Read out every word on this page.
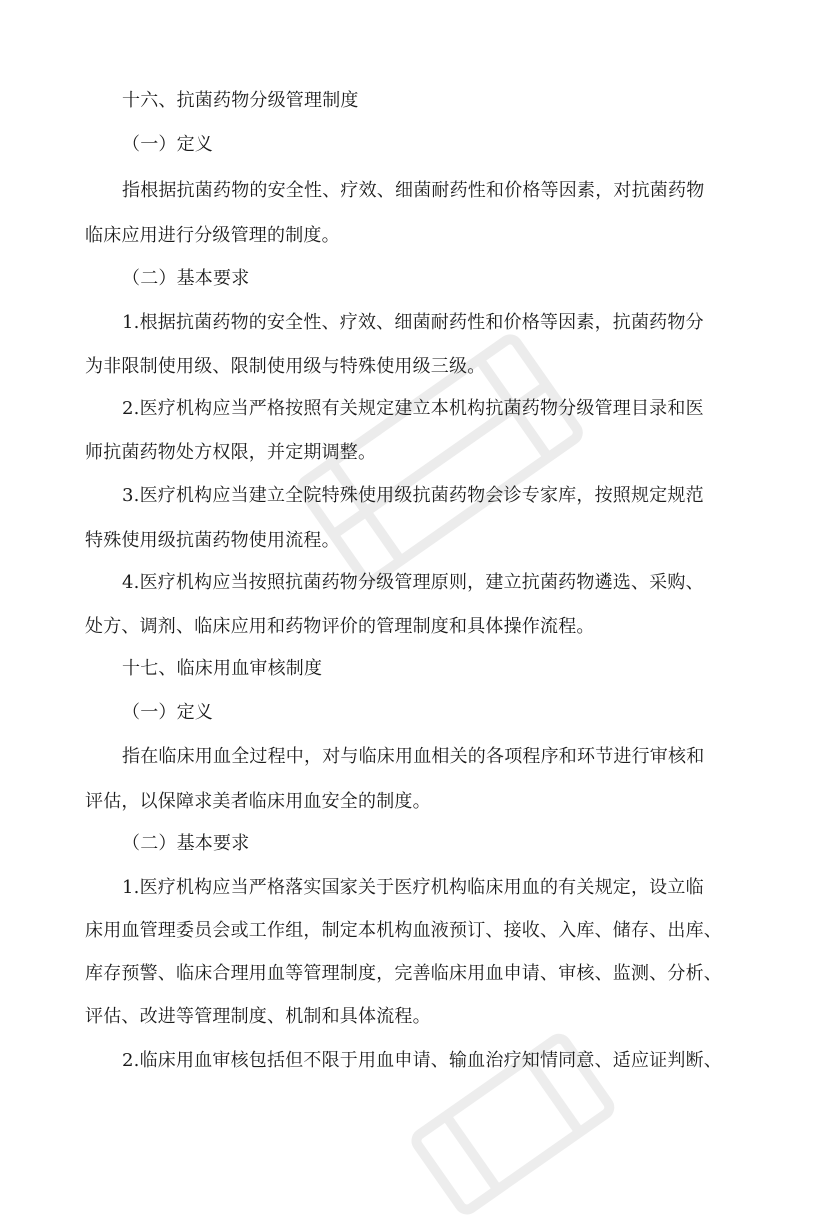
十六、抗菌药物分级管理制度
（一）定义
指根据抗菌药物的安全性、疗效、细菌耐药性和价格等因素，对抗菌药物
临床应用进行分级管理的制度。
（二）基本要求
1.根据抗菌药物的安全性、疗效、细菌耐药性和价格等因素，抗菌药物分
为非限制使用级、限制使用级与特殊使用级三级。
2.医疗机构应当严格按照有关规定建立本机构抗菌药物分级管理目录和医
师抗菌药物处方权限，并定期调整。
3.医疗机构应当建立全院特殊使用级抗菌药物会诊专家库，按照规定规范
特殊使用级抗菌药物使用流程。
4.医疗机构应当按照抗菌药物分级管理原则，建立抗菌药物遴选、采购、
处方、调剂、临床应用和药物评价的管理制度和具体操作流程。
十七、临床用血审核制度
（一）定义
指在临床用血全过程中，对与临床用血相关的各项程序和环节进行审核和
评估，以保障求美者临床用血安全的制度。
（二）基本要求
1.医疗机构应当严格落实国家关于医疗机构临床用血的有关规定，设立临
床用血管理委员会或工作组，制定本机构血液预订、接收、入库、储存、出库、
库存预警、临床合理用血等管理制度，完善临床用血申请、审核、监测、分析、
评估、改进等管理制度、机制和具体流程。
2.临床用血审核包括但不限于用血申请、输血治疗知情同意、适应证判断、
